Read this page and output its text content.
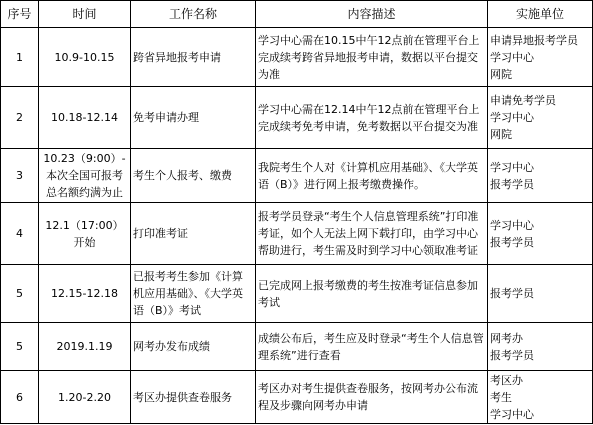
序号	时间	工作名称	内容描述	实施单位
1	10.9-10.15	跨省异地报考申请	学习中心需在10.15中午12点前在管理平台上完成续考跨省异地报考申请，数据以平台提交为准	申请异地报考学员
学习中心
网院
2	10.18-12.14	免考申请办理	学习中心需在12.14中午12点前在管理平台上完成续考免考申请，免考数据以平台提交为准	申请免考学员
学习中心
网院
3	10.23（9:00）-本次全国可报考总名额约满为止	考生个人报考、缴费	我院考生个人对《计算机应用基础》、《大学英语（B）》进行网上报考缴费操作。	学习中心
报考学员
4	12.1（17:00）开始	打印准考证	报考学员登录“考生个人信息管理系统”打印准考证，如个人无法上网下载打印，由学习中心帮助进行，考生需及时到学习中心领取准考证	学习中心
报考学员
5	12.15-12.18	已报考考生参加《计算机应用基础》、《大学英语（B）》考试	已完成网上报考缴费的考生按准考证信息参加考试	报考学员
5	2019.1.19	网考办发布成绩	成绩公布后，考生应及时登录“考生个人信息管理系统”进行查看	网考办
报考学员
6	1.20-2.20	考区办提供查卷服务	考区办对考生提供查卷服务，按网考办公布流程及步骤向网考办申请	考区办
考生
学习中心
